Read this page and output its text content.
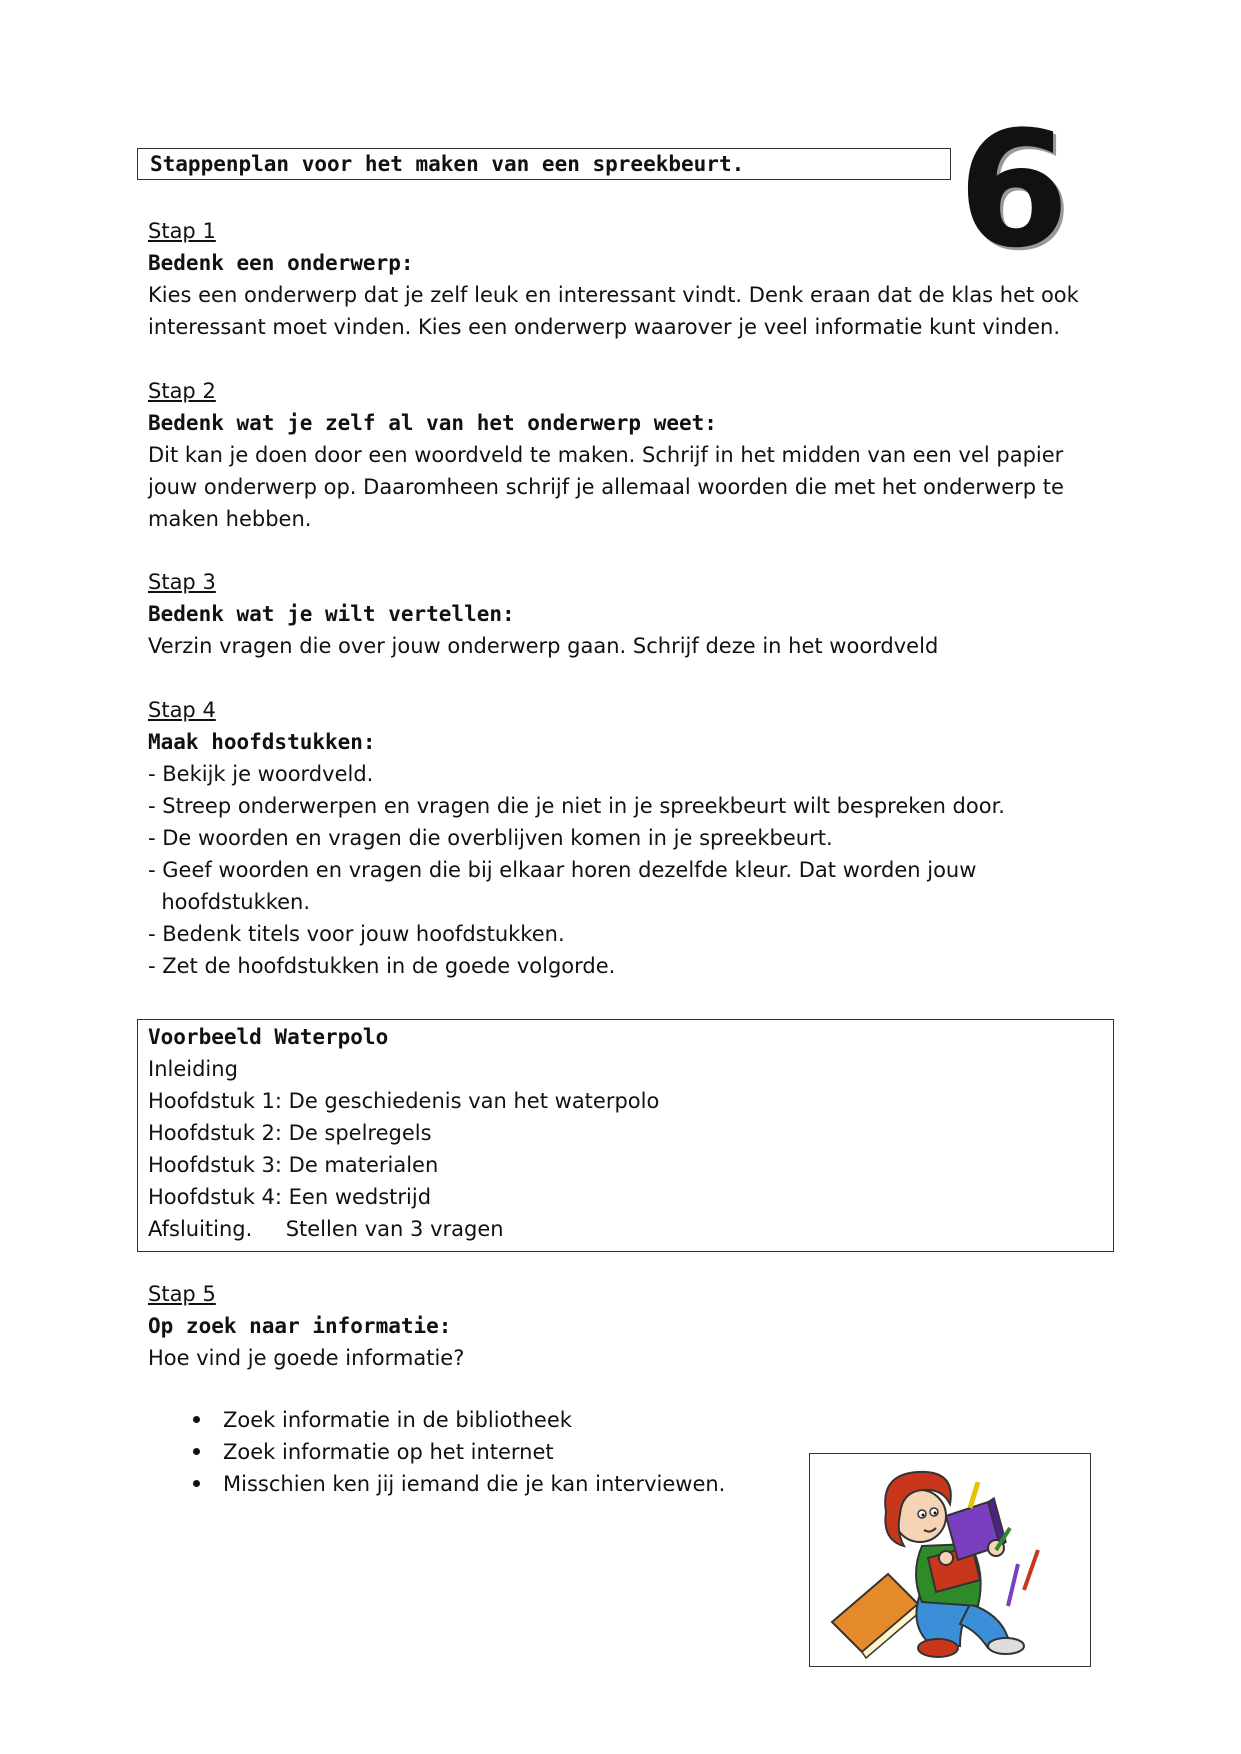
Stappenplan voor het maken van een spreekbeurt. 6
Stap 1
Bedenk een onderwerp:
Kies een onderwerp dat je zelf leuk en interessant vindt. Denk eraan dat de klas het ook
interessant moet vinden. Kies een onderwerp waarover je veel informatie kunt vinden.
Stap 2
Bedenk wat je zelf al van het onderwerp weet:
Dit kan je doen door een woordveld te maken. Schrijf in het midden van een vel papier
jouw onderwerp op. Daaromheen schrijf je allemaal woorden die met het onderwerp te
maken hebben.
Stap 3
Bedenk wat je wilt vertellen:
Verzin vragen die over jouw onderwerp gaan. Schrijf deze in het woordveld
Stap 4
Maak hoofdstukken:
- Bekijk je woordveld.
- Streep onderwerpen en vragen die je niet in je spreekbeurt wilt bespreken door.
- De woorden en vragen die overblijven komen in je spreekbeurt.
- Geef woorden en vragen die bij elkaar horen dezelfde kleur. Dat worden jouw
hoofdstukken.
- Bedenk titels voor jouw hoofdstukken.
- Zet de hoofdstukken in de goede volgorde.
Voorbeeld Waterpolo
Inleiding
Hoofdstuk 1: De geschiedenis van het waterpolo
Hoofdstuk 2: De spelregels
Hoofdstuk 3: De materialen
Hoofdstuk 4: Een wedstrijd
Afsluiting.     Stellen van 3 vragen
Stap 5
Op zoek naar informatie:
Hoe vind je goede informatie?
Zoek informatie in de bibliotheek
Zoek informatie op het internet
Misschien ken jij iemand die je kan interviewen.
